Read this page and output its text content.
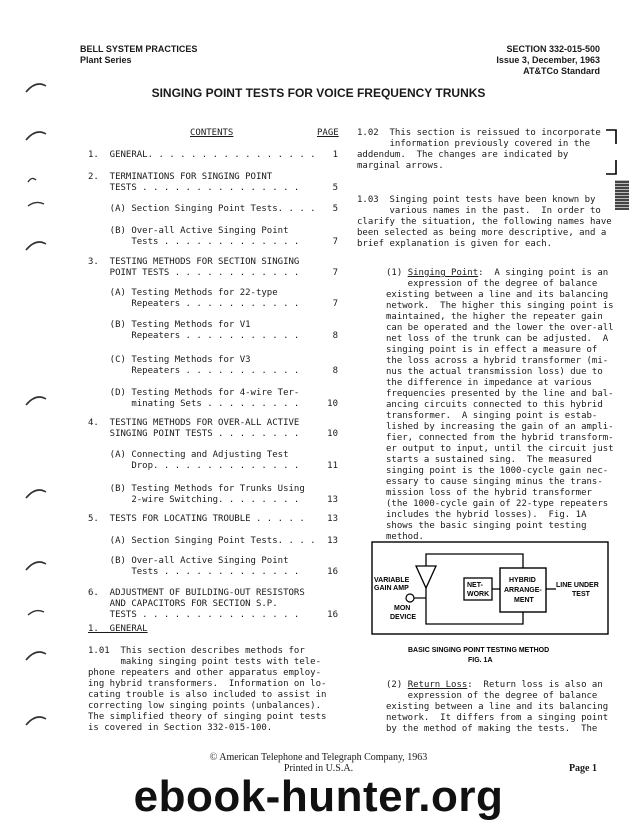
BELL SYSTEM PRACTICES
Plant Series
SECTION 332-015-500
Issue 3, December, 1963
AT&TCo Standard
SINGING POINT TESTS FOR VOICE FREQUENCY TRUNKS
CONTENTS	PAGE
1.  GENERAL. . . . . . . . . . . . . . . .	1
2.  TERMINATIONS FOR SINGING POINT
TESTS . . . . . . . . . . . . . . .	5
(A) Section Singing Point Tests. . . .	5
(B) Over-all Active Singing Point
Tests . . . . . . . . . . . . .	7
3.  TESTING METHODS FOR SECTION SINGING
POINT TESTS . . . . . . . . . . . .	7
(A) Testing Methods for 22-type
Repeaters . . . . . . . . . . .	7
(B) Testing Methods for V1
Repeaters . . . . . . . . . . .	8
(C) Testing Methods for V3
Repeaters . . . . . . . . . . .	8
(D) Testing Methods for 4-wire Ter-
minating Sets . . . . . . . . .	10
4.  TESTING METHODS FOR OVER-ALL ACTIVE
SINGING POINT TESTS . . . . . . . .	10
(A) Connecting and Adjusting Test
Drop. . . . . . . . . . . . . .	11
(B) Testing Methods for Trunks Using
2-wire Switching. . . . . . . .	13
5.  TESTS FOR LOCATING TROUBLE . . . . .	13
(A) Section Singing Point Tests. . . .	13
(B) Over-all Active Singing Point
Tests . . . . . . . . . . . . .	16
6.  ADJUSTMENT OF BUILDING-OUT RESISTORS
AND CAPACITORS FOR SECTION S.P.
TESTS . . . . . . . . . . . . . . .	16
1.  GENERAL
1.01  This section describes methods for
making singing point tests with tele-
phone repeaters and other apparatus employ-
ing hybrid transformers.  Information on lo-
cating trouble is also included to assist in
correcting low singing points (unbalances).
The simplified theory of singing point tests
is covered in Section 332-015-100.
1.02  This section is reissued to incorporate
information previously covered in the
addendum.  The changes are indicated by
marginal arrows.
1.03  Singing point tests have been known by
various names in the past.  In order to
clarify the situation, the following names have
been selected as being more descriptive, and a
brief explanation is given for each.
(1) Singing Point:  A singing point is an
expression of the degree of balance
existing between a line and its balancing
network.  The higher this singing point is
maintained, the higher the repeater gain
can be operated and the lower the over-all
net loss of the trunk can be adjusted.  A
singing point is in effect a measure of
the loss across a hybrid transformer (mi-
nus the actual transmission loss) due to
the difference in impedance at various
frequencies presented by the line and bal-
ancing circuits connected to this hybrid
transformer.  A singing point is estab-
lished by increasing the gain of an ampli-
fier, connected from the hybrid transform-
er output to input, until the circuit just
starts a sustained sing.  The measured
singing point is the 1000-cycle gain nec-
essary to cause singing minus the trans-
mission loss of the hybrid transformer
(the 1000-cycle gain of 22-type repeaters
includes the hybrid losses).  Fig. 1A
shows the basic singing point testing
method.
VARIABLE
GAIN AMP	NET-
WORK
HYBRID
ARRANGE-
MENT
LINE UNDER
TEST
MON
DEVICE
BASIC SINGING POINT TESTING METHOD
FIG. 1A
(2) Return Loss:  Return loss is also an
expression of the degree of balance
existing between a line and its balancing
network.  It differs from a singing point
by the method of making the tests.  The
© American Telephone and Telegraph Company, 1963
Printed in U.S.A.	Page 1
ebook-hunter.org
